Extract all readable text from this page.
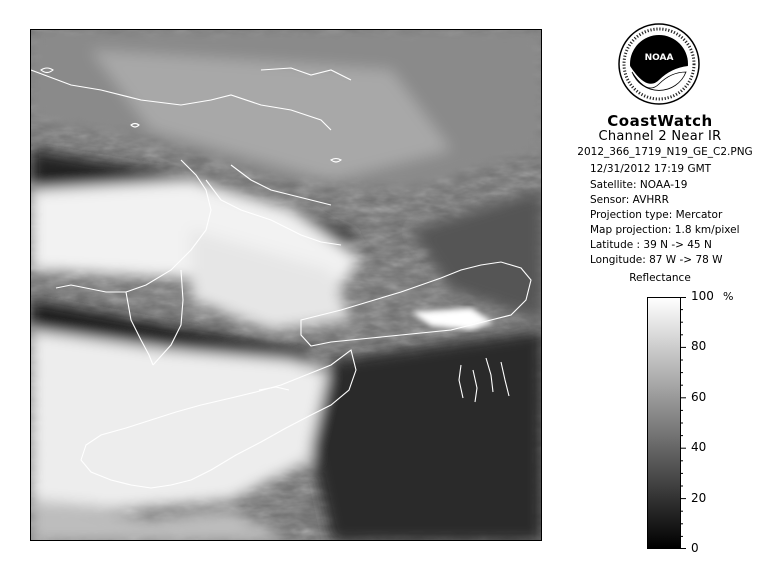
NOAA
CoastWatch
Channel 2 Near IR
2012_366_1719_N19_GE_C2.PNG
12/31/2012 17:19 GMT
Satellite: NOAA-19
Sensor: AVHRR
Projection type: Mercator
Map projection: 1.8 km/pixel
Latitude : 39 N -> 45 N
Longitude: 87 W -> 78 W
Reflectance
100
80
60
40
20
0
%
